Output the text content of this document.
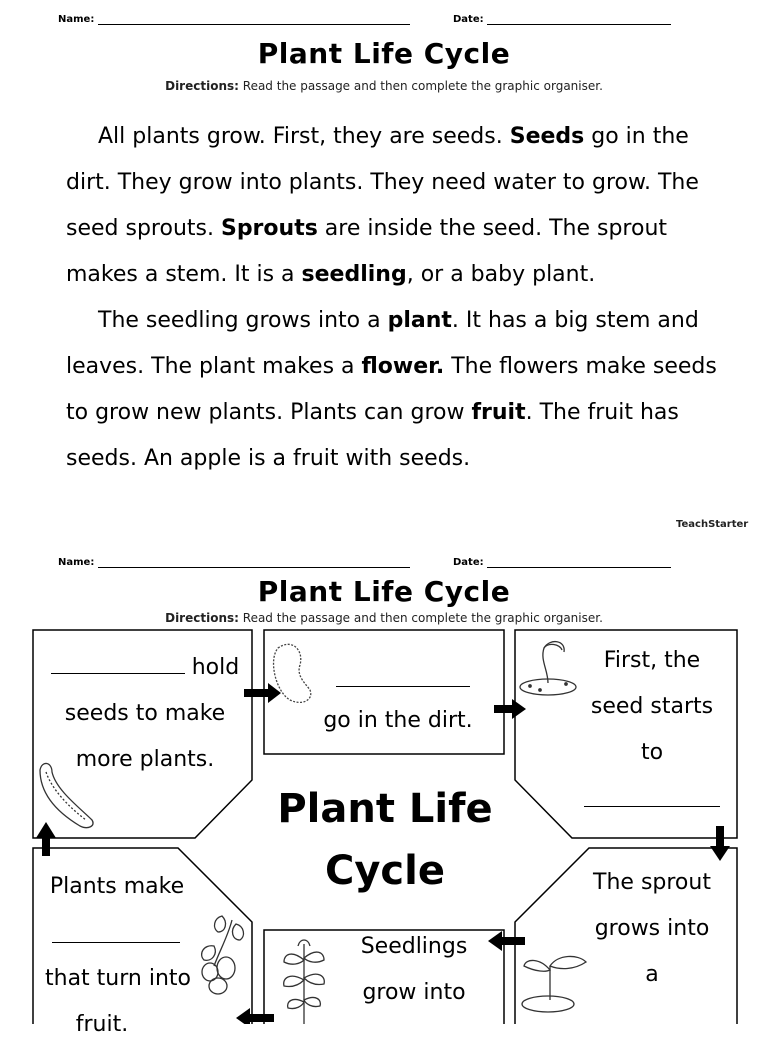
Name:	Date:
Plant Life Cycle
Directions: Read the passage and then complete the graphic organiser.

All plants grow. First, they are seeds. Seeds go in the dirt. They grow into plants. They need water to grow. The seed sprouts. Sprouts are inside the seed. The sprout makes a stem. It is a seedling, or a baby plant.

The seedling grows into a plant. It has a big stem and leaves. The plant makes a flower. The flowers make seeds to grow new plants. Plants can grow fruit. The fruit has seeds. An apple is a fruit with seeds.

TeachStarter
Name:	Date:
Plant Life Cycle
Directions: Read the passage and then complete the graphic organiser.
hold
seeds to make
more plants.
go in the dirt.
First, the
seed starts
to
Plant Life
Cycle	The sprout
grows into
a
Seedlings
grow into
Plants make
that turn into
fruit.
